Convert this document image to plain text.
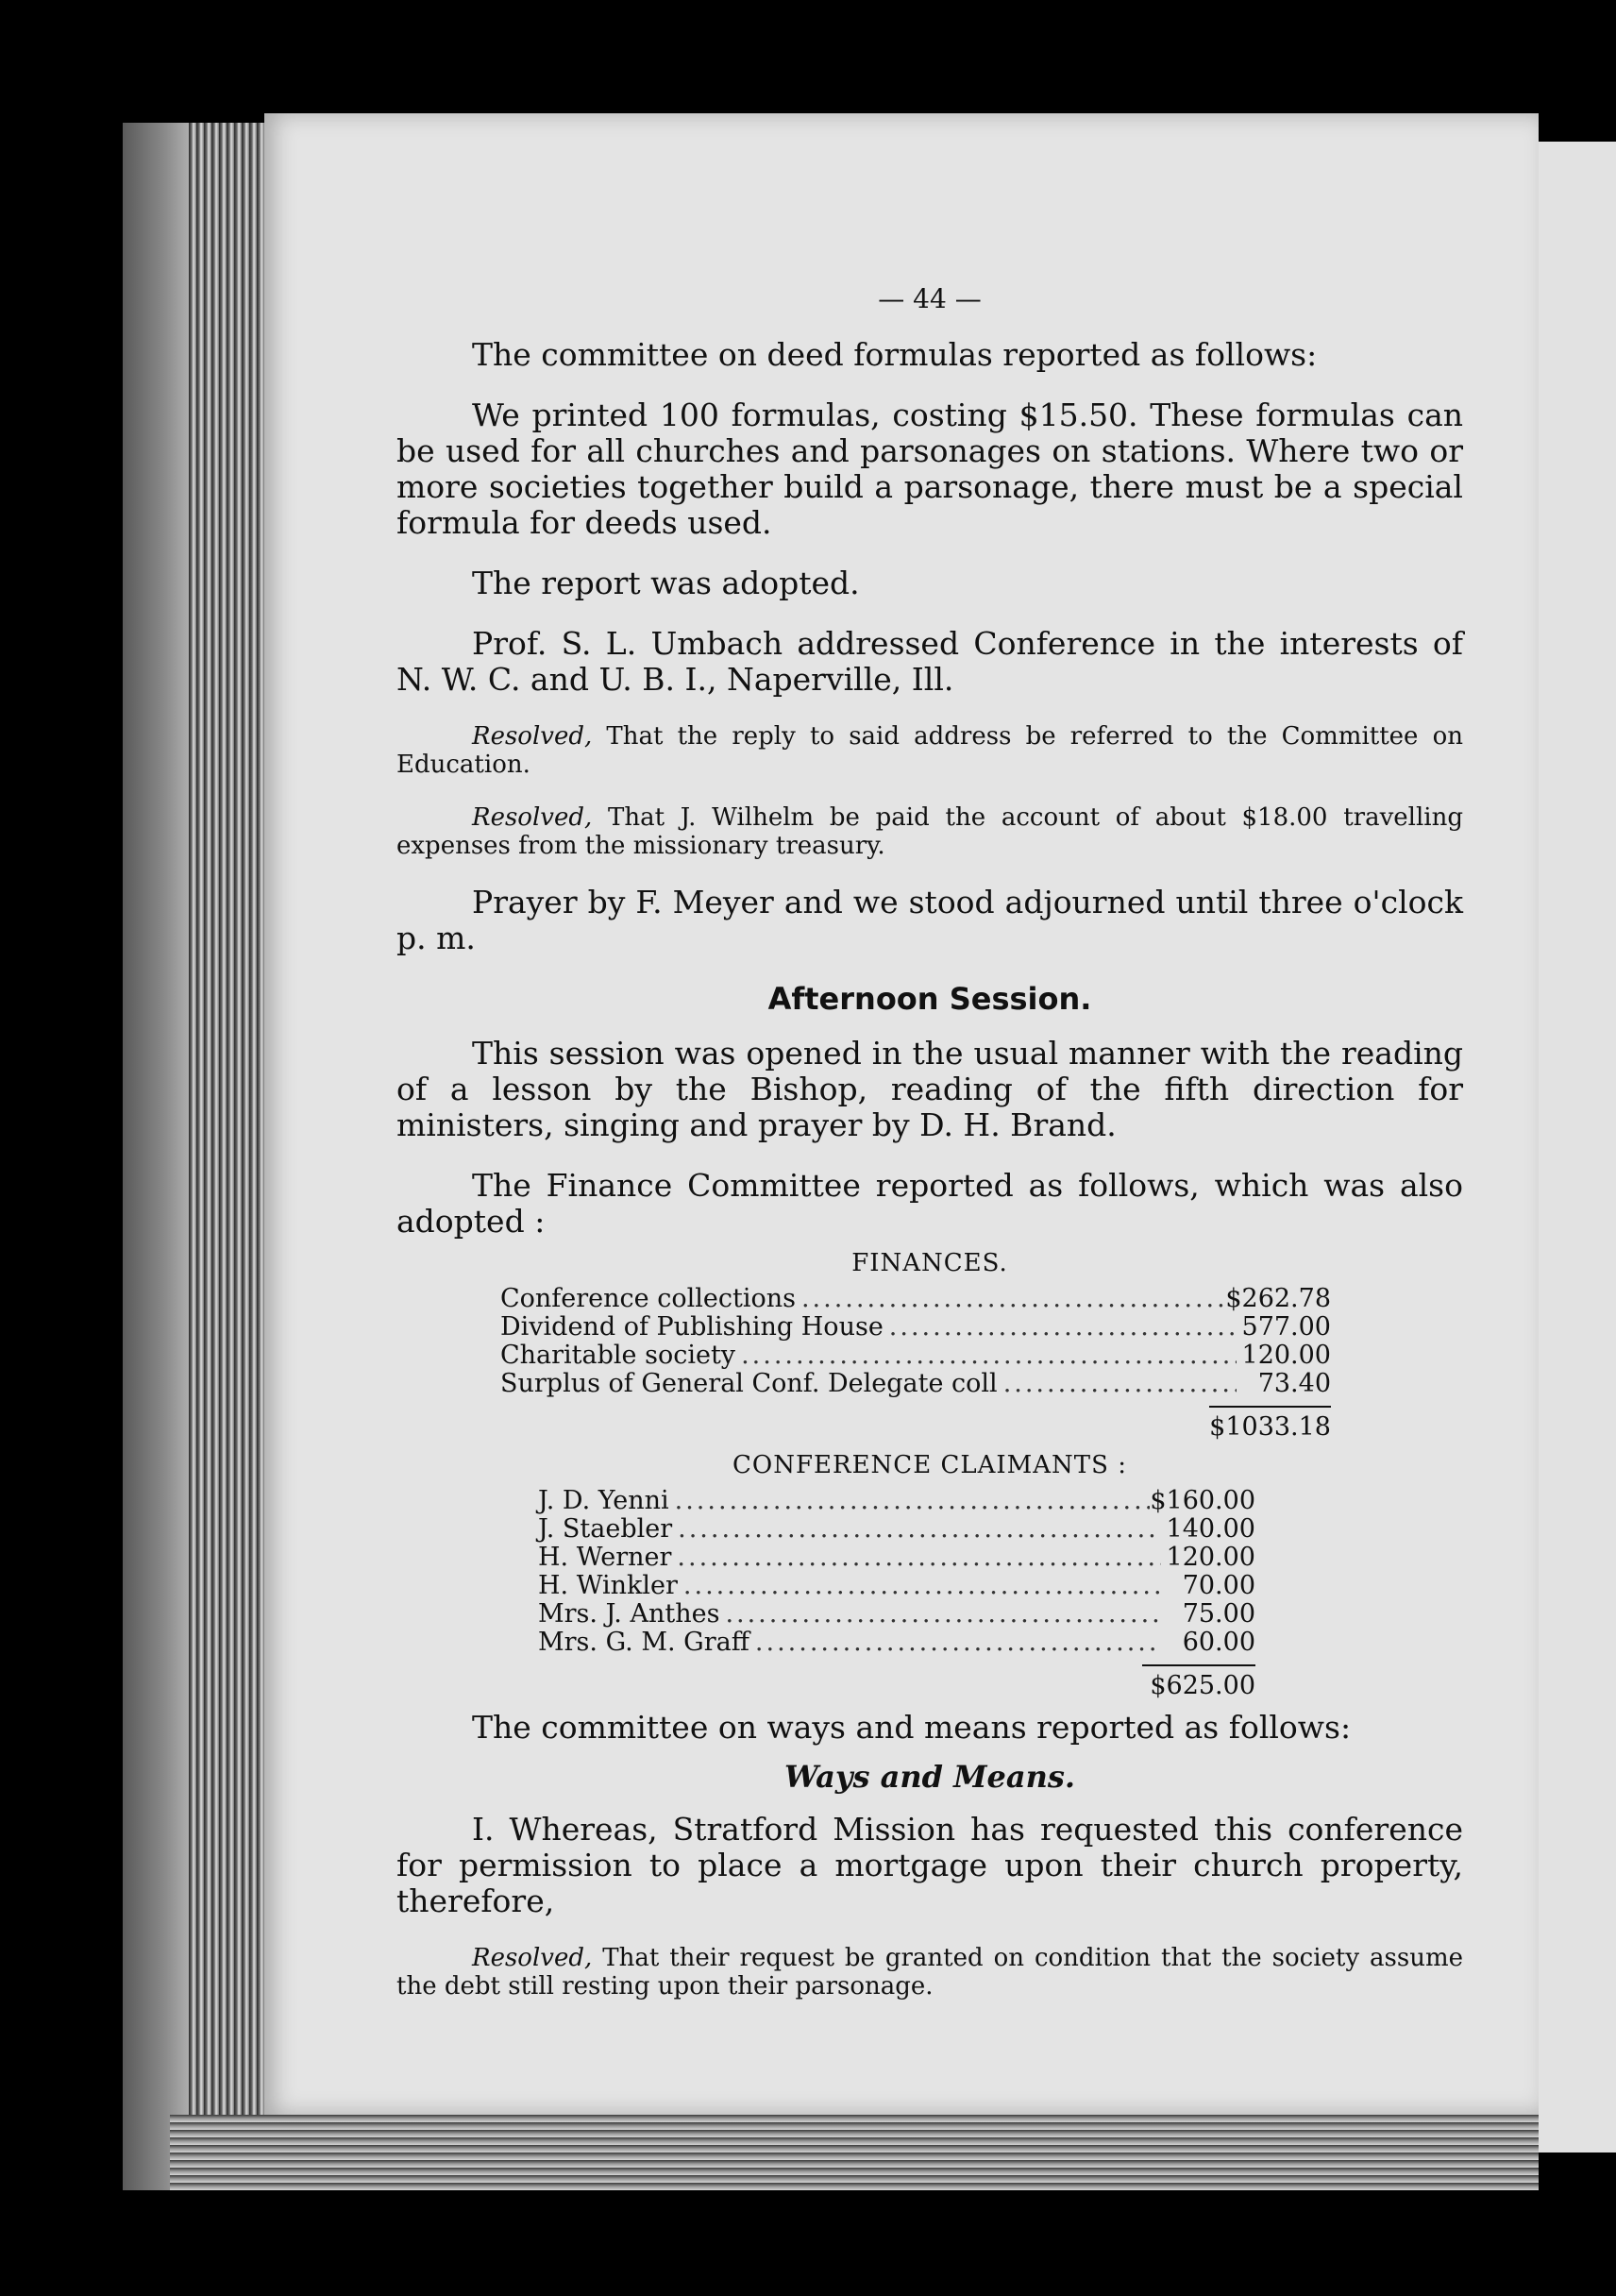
— 44 —

The committee on deed formulas reported as follows:

We printed 100 formulas, costing $15.50. These formulas can be used for all churches and parsonages on stations. Where two or more societies together build a parsonage, there must be a special formula for deeds used.

The report was adopted.

Prof. S. L. Umbach addressed Conference in the interests of N. W. C. and U. B. I., Naperville, Ill.

Resolved, That the reply to said address be referred to the Committee on Education.

Resolved, That J. Wilhelm be paid the account of about $18.00 travelling expenses from the missionary treasury.

Prayer by F. Meyer and we stood adjourned until three o'clock p. m.

Afternoon Session.

This session was opened in the usual manner with the reading of a lesson by the Bishop, reading of the fifth direction for ministers, singing and prayer by D. H. Brand.

The Finance Committee reported as follows, which was also adopted :

FINANCES.
Conference collections .....	$262.78
Dividend of Publishing House .....	577.00
Charitable society .....	120.00
Surplus of General Conf. Delegate coll .....	73.40
$1033.18
CONFERENCE CLAIMANTS :
J. D. Yenni .....	$160.00
J. Staebler .....	140.00
H. Werner .....	120.00
H. Winkler .....	70.00
Mrs. J. Anthes .....	75.00
Mrs. G. M. Graff .....	60.00
$625.00

The committee on ways and means reported as follows:

Ways and Means.

I. Whereas, Stratford Mission has requested this conference for permission to place a mortgage upon their church property, therefore,

Resolved, That their request be granted on condition that the society assume the debt still resting upon their parsonage.
